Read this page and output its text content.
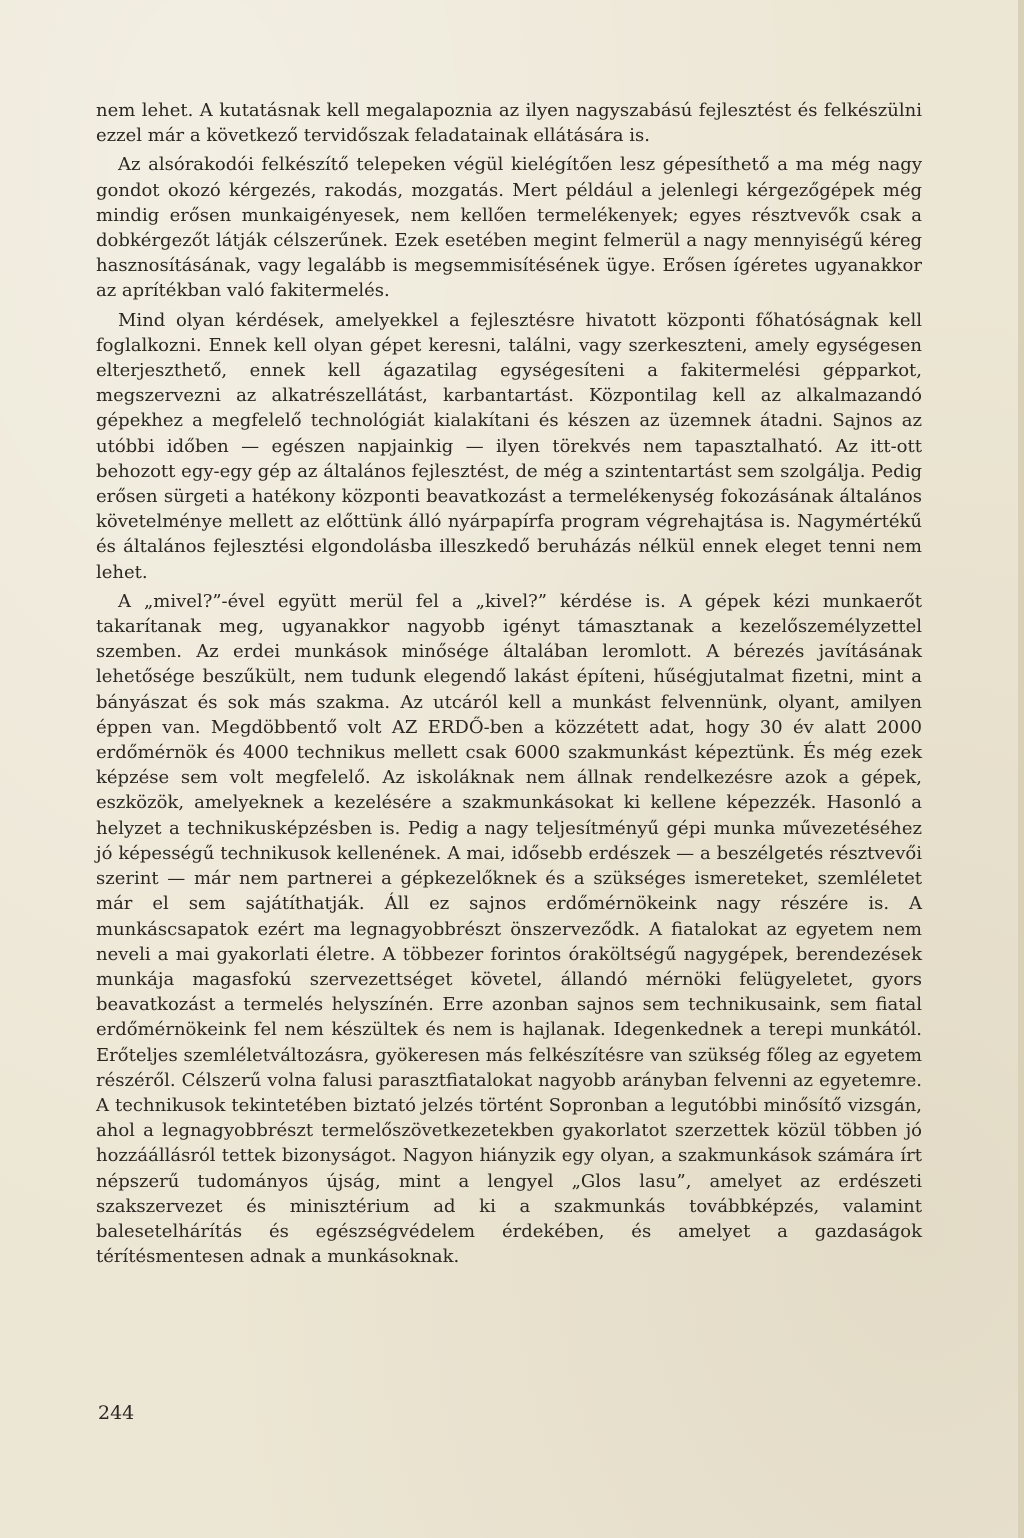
nem lehet. A kutatásnak kell megalapoznia az ilyen nagyszabású fejlesztést és felkészülni ezzel már a következő tervidőszak feladatainak ellátására is.

Az alsórakodói felkészítő telepeken végül kielégítően lesz gépesíthető a ma még nagy gondot okozó kérgezés, rakodás, mozgatás. Mert például a jelenlegi kérgezőgépek még mindig erősen munkaigényesek, nem kellően termelékenyek; egyes résztvevők csak a dobkérgezőt látják célszerűnek. Ezek esetében megint felmerül a nagy mennyiségű kéreg hasznosításának, vagy legalább is megsemmisítésének ügye. Erősen ígéretes ugyanakkor az aprítékban való fakitermelés.

Mind olyan kérdések, amelyekkel a fejlesztésre hivatott központi főhatóságnak kell foglalkozni. Ennek kell olyan gépet keresni, találni, vagy szerkeszteni, amely egységesen elterjeszthető, ennek kell ágazatilag egységesíteni a fakitermelési gépparkot, megszervezni az alkatrészellátást, karbantartást. Központilag kell az alkalmazandó gépekhez a megfelelő technológiát kialakítani és készen az üzemnek átadni. Sajnos az utóbbi időben — egészen napjainkig — ilyen törekvés nem tapasztalható. Az itt-ott behozott egy-egy gép az általános fejlesztést, de még a szintentartást sem szolgálja. Pedig erősen sürgeti a hatékony központi beavatkozást a termelékenység fokozásának általános követelménye mellett az előttünk álló nyárpapírfa program végrehajtása is. Nagymértékű és általános fejlesztési elgondolásba illeszkedő beruházás nélkül ennek eleget tenni nem lehet.

A „mivel?”-ével együtt merül fel a „kivel?” kérdése is. A gépek kézi munkaerőt takarítanak meg, ugyanakkor nagyobb igényt támasztanak a kezelőszemélyzettel szemben. Az erdei munkások minősége általában leromlott. A bérezés javításának lehetősége beszűkült, nem tudunk elegendő lakást építeni, hűségjutalmat fizetni, mint a bányászat és sok más szakma. Az utcáról kell a munkást felvennünk, olyant, amilyen éppen van. Megdöbbentő volt AZ ERDŐ-ben a közzétett adat, hogy 30 év alatt 2000 erdőmérnök és 4000 technikus mellett csak 6000 szakmunkást képeztünk. És még ezek képzése sem volt megfelelő. Az iskoláknak nem állnak rendelkezésre azok a gépek, eszközök, amelyeknek a kezelésére a szakmunkásokat ki kellene képezzék. Hasonló a helyzet a technikusképzésben is. Pedig a nagy teljesítményű gépi munka művezetéséhez jó képességű technikusok kellenének. A mai, idősebb erdészek — a beszélgetés résztvevői szerint — már nem partnerei a gépkezelőknek és a szükséges ismereteket, szemléletet már el sem sajátíthatják. Áll ez sajnos erdőmérnökeink nagy részére is. A munkáscsapatok ezért ma legnagyobbrészt önszerveződk. A fiatalokat az egyetem nem neveli a mai gyakorlati életre. A többezer forintos óraköltségű nagygépek, berendezések munkája magasfokú szervezettséget követel, állandó mérnöki felügyeletet, gyors beavatkozást a termelés helyszínén. Erre azonban sajnos sem technikusaink, sem fiatal erdőmérnökeink fel nem készültek és nem is hajlanak. Idegenkednek a terepi munkától. Erőteljes szemléletváltozásra, gyökeresen más felkészítésre van szükség főleg az egyetem részéről. Célszerű volna falusi parasztfiatalokat nagyobb arányban felvenni az egyetemre. A technikusok tekintetében biztató jelzés történt Sopronban a legutóbbi minősítő vizsgán, ahol a legnagyobbrészt termelőszövetkezetekben gyakorlatot szerzettek közül többen jó hozzáállásról tettek bizonyságot. Nagyon hiányzik egy olyan, a szakmunkások számára írt népszerű tudományos újság, mint a lengyel „Glos lasu”, amelyet az erdészeti szakszervezet és minisztérium ad ki a szakmunkás továbbképzés, valamint balesetelhárítás és egészségvédelem érdekében, és amelyet a gazdaságok térítésmentesen adnak a munkásoknak.

244
